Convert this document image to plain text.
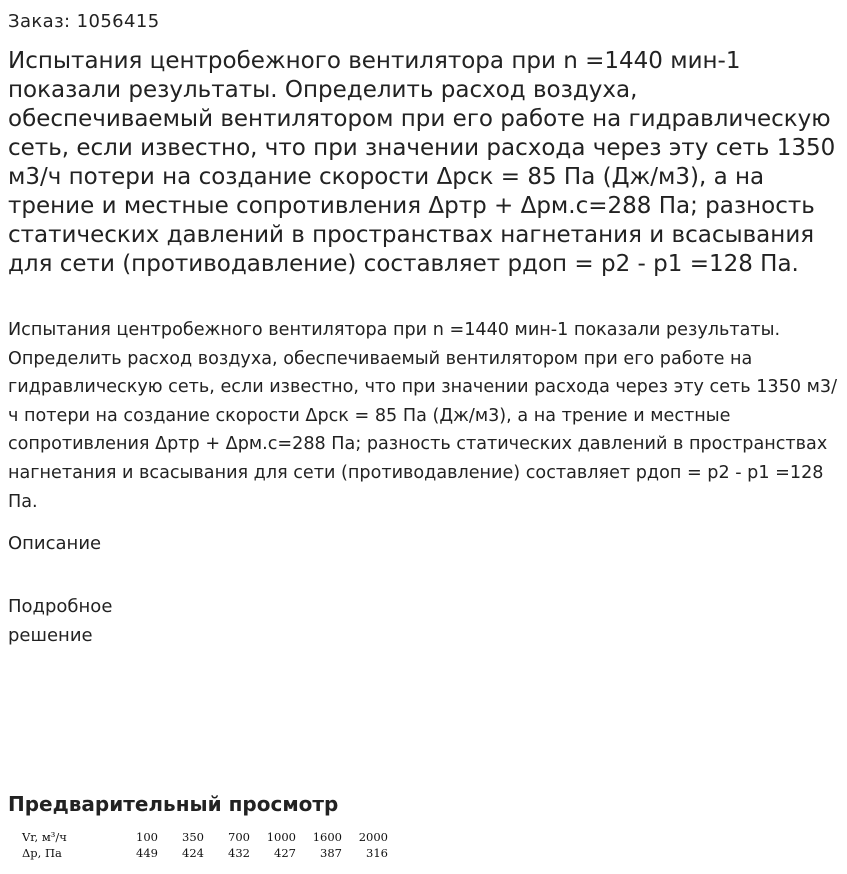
Заказ: 1056415
Испытания центробежного вентилятора при n =1440 мин-1 показали результаты. Определить расход воздуха, обеспечиваемый вентилятором при его работе на гидравлическую сеть, если известно, что при значении расхода через эту сеть 1350 м3/ч потери на создание скорости Δpск = 85 Па (Дж/м3), а на трение и местные сопротивления Δpтр + Δpм.с=288 Па; разность статических давлений в пространствах нагнетания и всасывания для сети (противодавление) составляет pдоп = p2 - p1 =128 Па.

Испытания центробежного вентилятора при n =1440 мин-1 показали результаты. Определить расход воздуха, обеспечиваемый вентилятором при его работе на гидравлическую сеть, если известно, что при значении расхода через эту сеть 1350 м3/ч потери на создание скорости Δpск = 85 Па (Дж/м3), а на трение и местные сопротивления Δpтр + Δpм.с=288 Па; разность статических давлений в пространствах нагнетания и всасывания для сети (противодавление) составляет pдоп = p2 - p1 =128 Па.

Описание
Подробное решение
Предварительный просмотр
Vr, м³/ч	100	350	700	1000	1600	2000
Δp, Па	449	424	432	427	387	316
